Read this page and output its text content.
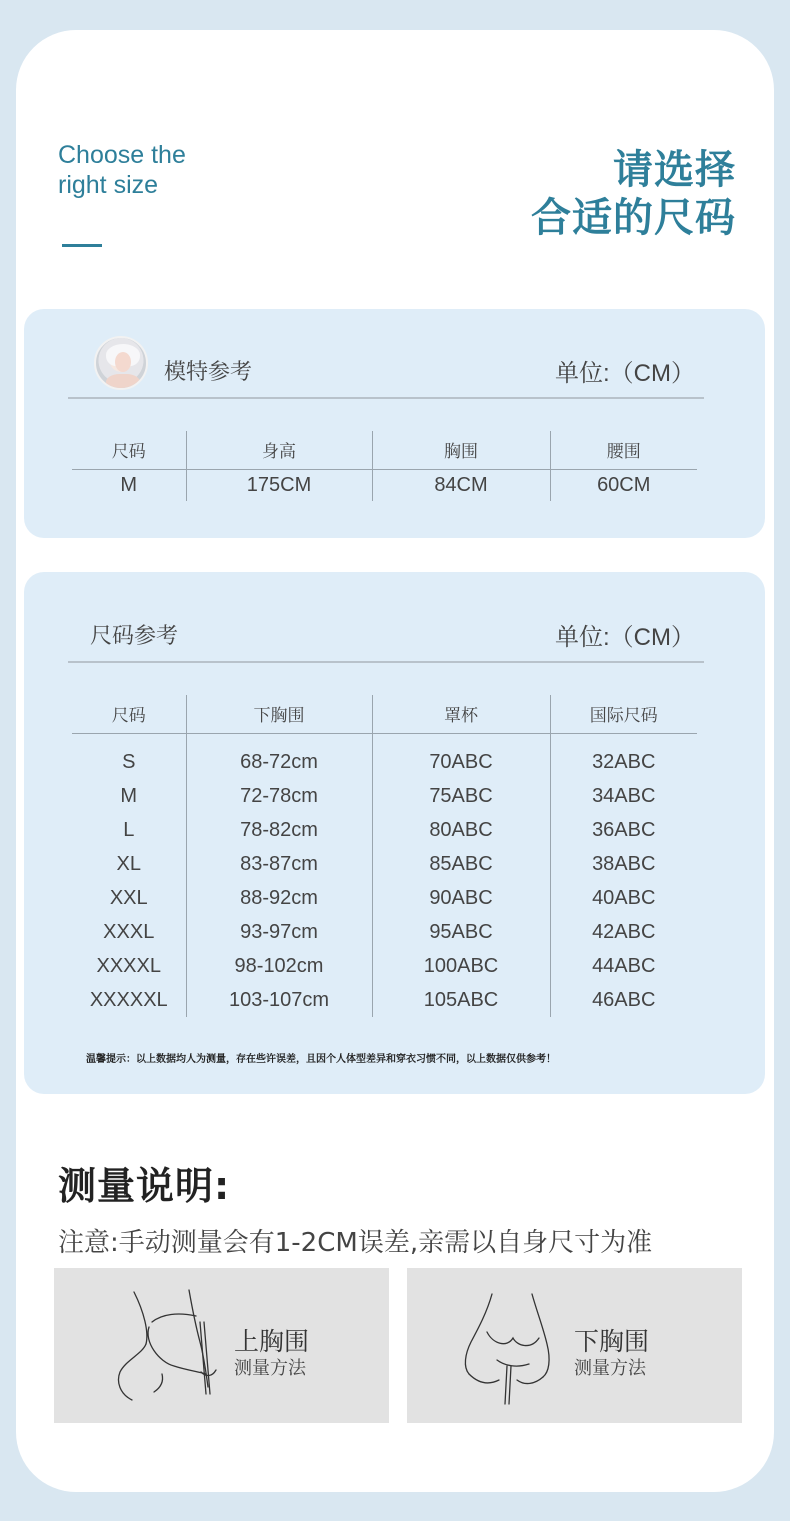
Choose the
right size	请选择
合适的尺码
模特参考	单位:（CM）
尺码	身高	胸围	腰围
M	175CM	84CM	60CM
尺码参考	单位:（CM）
尺码	下胸围	罩杯	国际尺码
S	68-72cm	70ABC	32ABC
M	72-78cm	75ABC	34ABC
L	78-82cm	80ABC	36ABC
XL	83-87cm	85ABC	38ABC
XXL	88-92cm	90ABC	40ABC
XXXL	93-97cm	95ABC	42ABC
XXXXL	98-102cm	100ABC	44ABC
XXXXXL	103-107cm	105ABC	46ABC
温馨提示：以上数据均人为测量，存在些许误差，且因个人体型差异和穿衣习惯不同，以上数据仅供参考！
测量说明:
注意:手动测量会有1-2CM误差,亲需以自身尺寸为准
上胸围
测量方法
下胸围
测量方法
